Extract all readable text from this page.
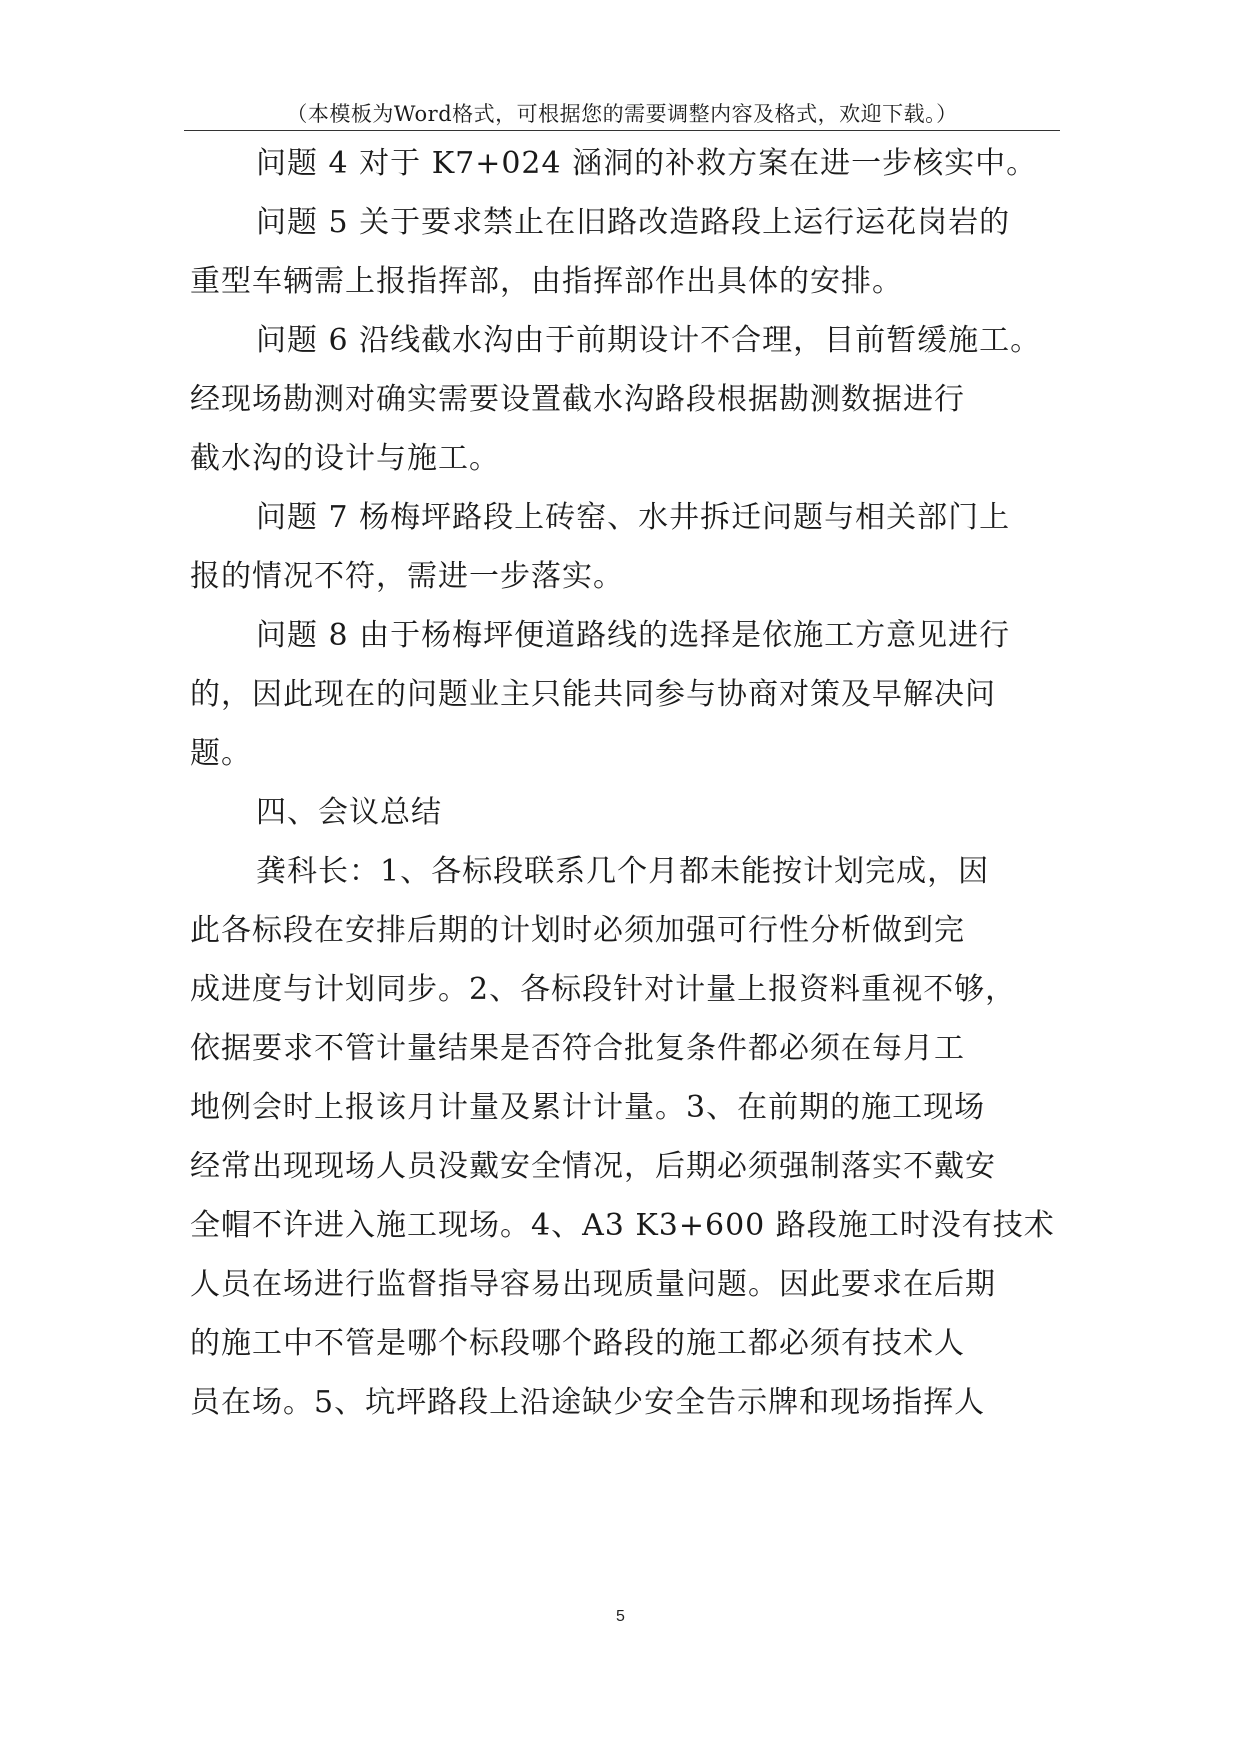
（本模板为Word格式，可根据您的需要调整内容及格式，欢迎下载。）
问题 4 对于 K7+024 涵洞的补救方案在进一步核实中。
问题 5 关于要求禁止在旧路改造路段上运行运花岗岩的
重型车辆需上报指挥部，由指挥部作出具体的安排。
问题 6 沿线截水沟由于前期设计不合理，目前暂缓施工。
经现场勘测对确实需要设置截水沟路段根据勘测数据进行
截水沟的设计与施工。
问题 7 杨梅坪路段上砖窑、水井拆迁问题与相关部门上
报的情况不符，需进一步落实。
问题 8 由于杨梅坪便道路线的选择是依施工方意见进行
的，因此现在的问题业主只能共同参与协商对策及早解决问
题。
四、会议总结
龚科长：1、各标段联系几个月都未能按计划完成，因
此各标段在安排后期的计划时必须加强可行性分析做到完
成进度与计划同步。2、各标段针对计量上报资料重视不够，
依据要求不管计量结果是否符合批复条件都必须在每月工
地例会时上报该月计量及累计计量。3、在前期的施工现场
经常出现现场人员没戴安全情况，后期必须强制落实不戴安
全帽不许进入施工现场。4、A3 K3+600 路段施工时没有技术
人员在场进行监督指导容易出现质量问题。因此要求在后期
的施工中不管是哪个标段哪个路段的施工都必须有技术人
员在场。5、坑坪路段上沿途缺少安全告示牌和现场指挥人
5
